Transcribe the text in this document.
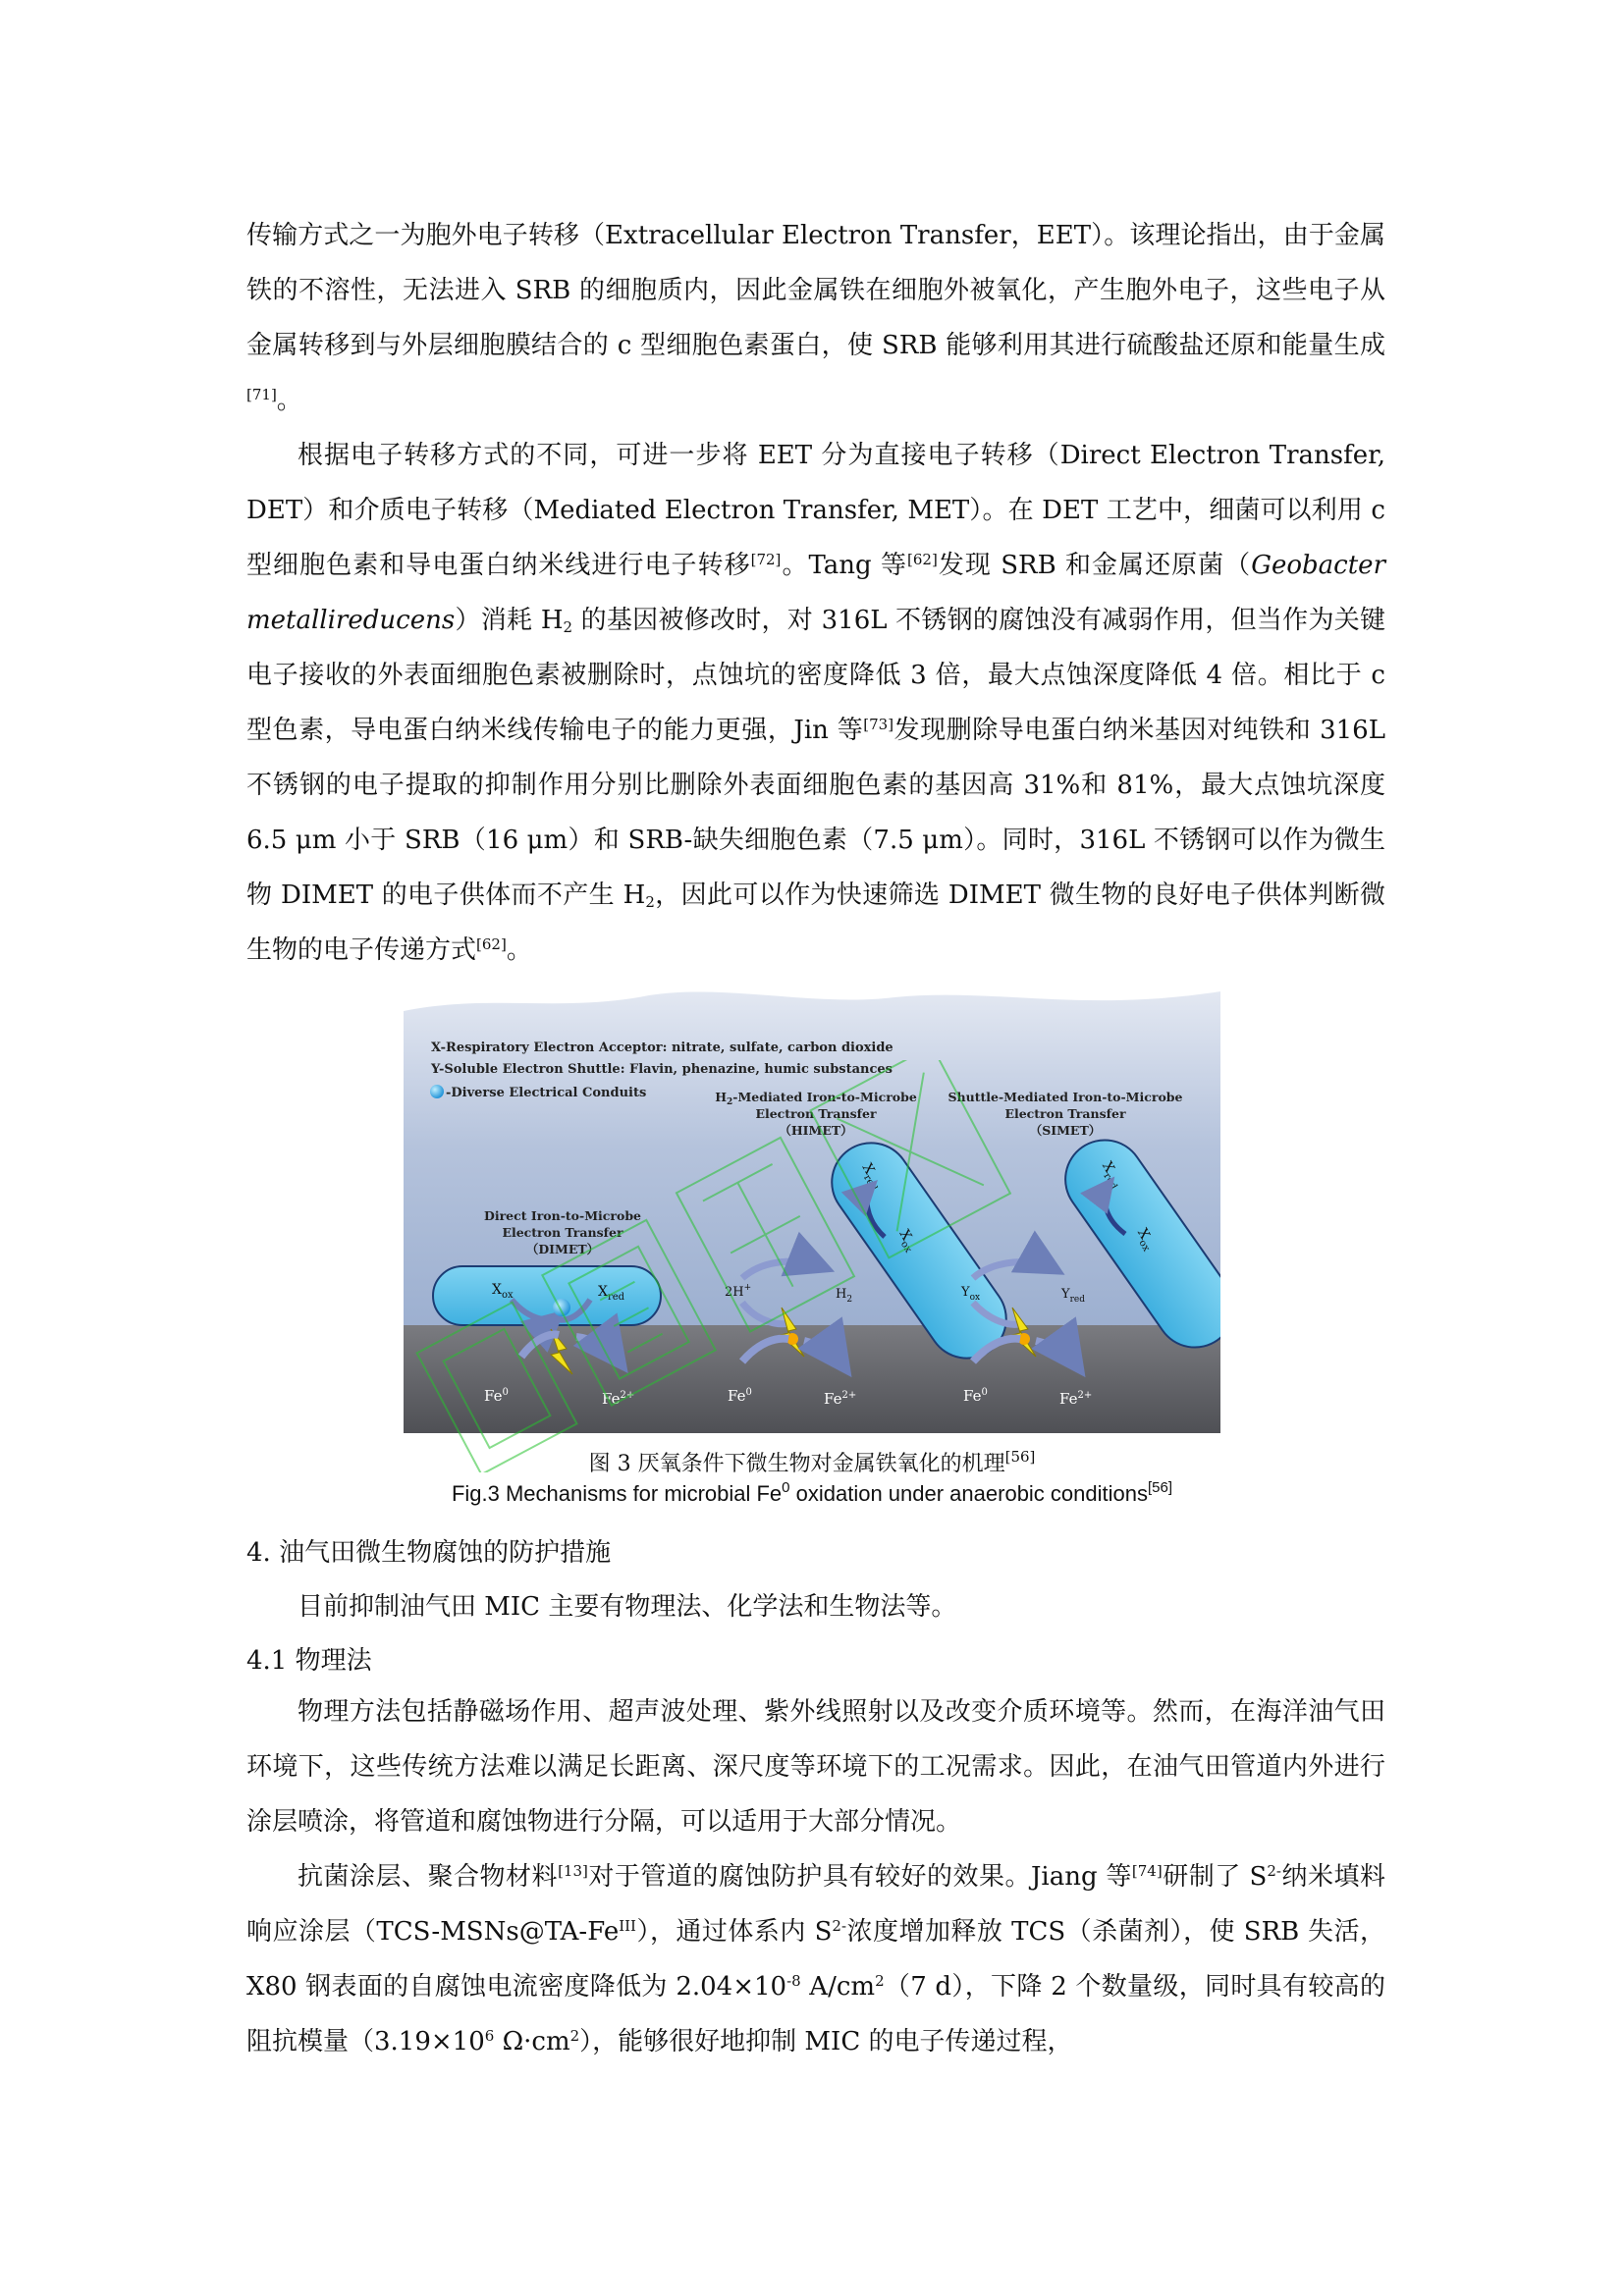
传输方式之一为胞外电子转移（Extracellular Electron Transfer，EET）。该理论指出，由于金属铁的不溶性，无法进入 SRB 的细胞质内，因此金属铁在细胞外被氧化，产生胞外电子，这些电子从金属转移到与外层细胞膜结合的 c 型细胞色素蛋白，使 SRB 能够利用其进行硫酸盐还原和能量生成[71]。

根据电子转移方式的不同，可进一步将 EET 分为直接电子转移（Direct Electron Transfer, DET）和介质电子转移（Mediated Electron Transfer, MET）。在 DET 工艺中，细菌可以利用 c 型细胞色素和导电蛋白纳米线进行电子转移[72]。Tang 等[62]发现 SRB 和金属还原菌（Geobacter metallireducens）消耗 $H_2$ 的基因被修改时，对 316L 不锈钢的腐蚀没有减弱作用，但当作为关键电子接收的外表面细胞色素被删除时，点蚀坑的密度降低 3 倍，最大点蚀深度降低 4 倍。相比于 c 型色素，导电蛋白纳米线传输电子的能力更强，Jin 等[73]发现删除导电蛋白纳米基因对纯铁和 316L 不锈钢的电子提取的抑制作用分别比删除外表面细胞色素的基因高 31%和 81%，最大点蚀坑深度 6.5 μm 小于 SRB（16 μm）和 SRB-缺失细胞色素（7.5 μm）。同时，316L 不锈钢可以作为微生物 DIMET 的电子供体而不产生 $H_2$，因此可以作为快速筛选 DIMET 微生物的良好电子供体判断微生物的电子传递方式[62]。

X-Respiratory Electron Acceptor: nitrate, sulfate, carbon dioxide
Y-Soluble Electron Shuttle: Flavin, phenazine, humic substances
-Diverse Electrical Conduits
Direct Iron-to-Microbe
Electron Transfer
（DIMET）
$X_{ox}$	$X_{red}$
Fe$^0$	$Fe^{2+}$
$H_2$-Mediated Iron-to-Microbe
Electron Transfer
（HIMET）
$X_{red}$
$X_{ox}$
2H+	$H_2$
Fe$^0$	$Fe^{2+}$
Shuttle-Mediated Iron-to-Microbe
Electron Transfer
（SIMET）
$X_{red}$
$X_{ox}$
$Y_{ox}$	$Y_{red}$
Fe$^0$	$Fe^{2+}$
图 3 厌氧条件下微生物对金属铁氧化的机理[56]
Fig.3 Mechanisms for microbial Fe$^0$ oxidation under anaerobic conditions[56]
4. 油气田微生物腐蚀的防护措施

目前抑制油气田 MIC 主要有物理法、化学法和生物法等。

4.1 物理法

物理方法包括静磁场作用、超声波处理、紫外线照射以及改变介质环境等。然而，在海洋油气田环境下，这些传统方法难以满足长距离、深尺度等环境下的工况需求。因此，在油气田管道内外进行涂层喷涂，将管道和腐蚀物进行分隔，可以适用于大部分情况。

抗菌涂层、聚合物材料[13]对于管道的腐蚀防护具有较好的效果。Jiang 等[74]研制了 $S^{2-}$纳米填料响应涂层$(TCS-MSNs@TA-Fe^{III})$，通过体系内 $S^{2-}$浓度增加释放 TCS（杀菌剂），使 SRB 失活，X80 钢表面的自腐蚀电流密度降低为 $2.04\times 10^{-8}$ $A/cm^2(7$ d），下降 2 个数量级，同时具有较高的阻抗模量（$3.19\times 10^6$ $\Omega\cdot cm^2$），能够很好地抑制 MIC 的电子传递过程，
